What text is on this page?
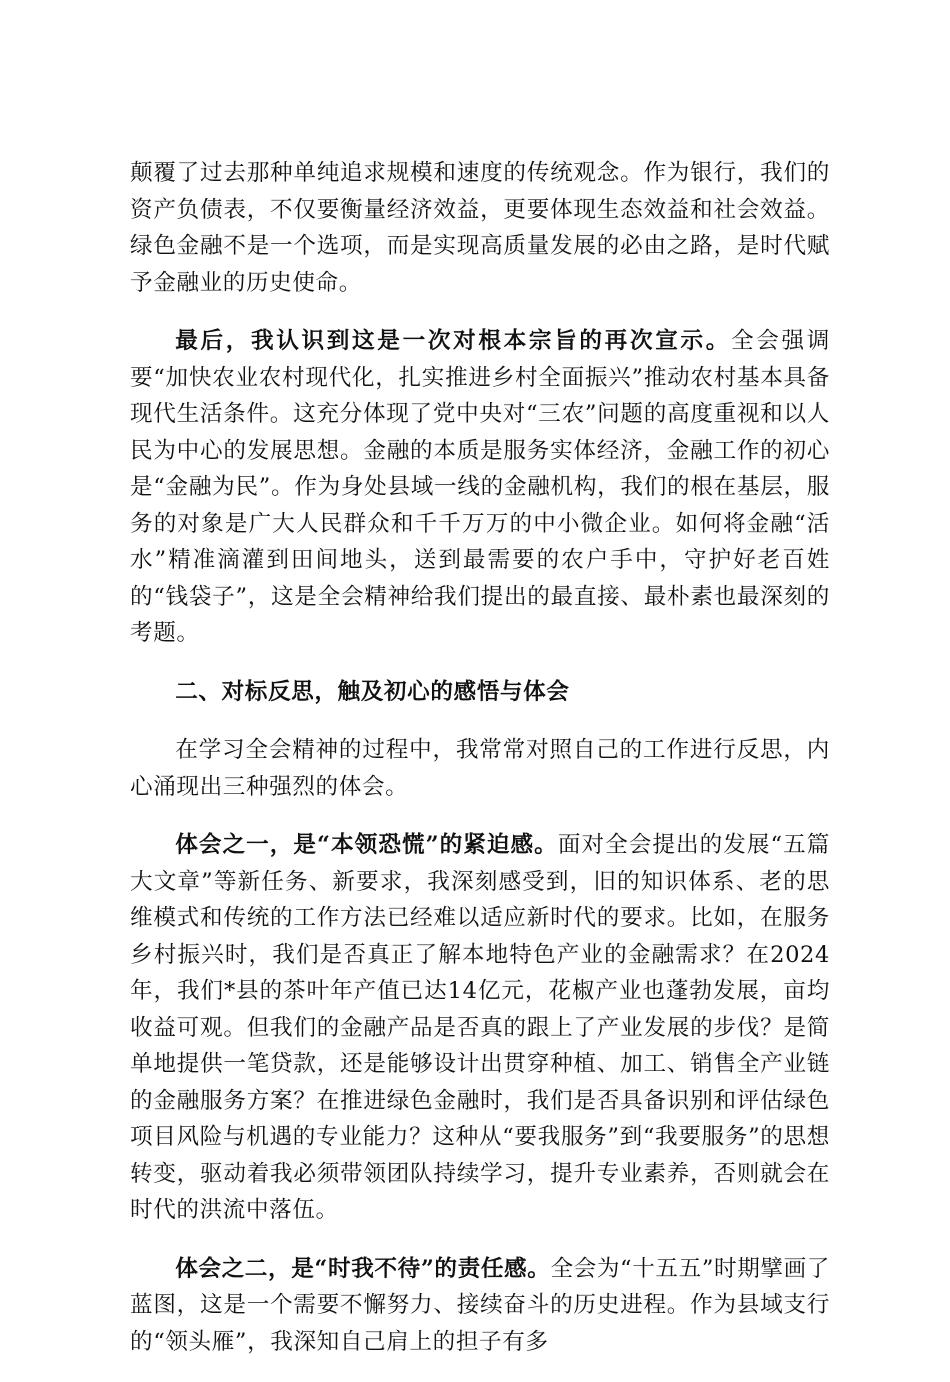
颠覆了过去那种单纯追求规模和速度的传统观念。作为银行，我们的资产负债表，不仅要衡量经济效益，更要体现生态效益和社会效益。绿色金融不是一个选项，而是实现高质量发展的必由之路，是时代赋予金融业的历史使命。

最后，我认识到这是一次对根本宗旨的再次宣示。全会强调要“加快农业农村现代化，扎实推进乡村全面振兴”推动农村基本具备现代生活条件。这充分体现了党中央对“三农”问题的高度重视和以人民为中心的发展思想。金融的本质是服务实体经济，金融工作的初心是“金融为民”。作为身处县域一线的金融机构，我们的根在基层，服务的对象是广大人民群众和千千万万的中小微企业。如何将金融“活水”精准滴灌到田间地头，送到最需要的农户手中，守护好老百姓的“钱袋子”，这是全会精神给我们提出的最直接、最朴素也最深刻的考题。

二、对标反思，触及初心的感悟与体会

在学习全会精神的过程中，我常常对照自己的工作进行反思，内心涌现出三种强烈的体会。

体会之一，是“本领恐慌”的紧迫感。面对全会提出的发展“五篇大文章”等新任务、新要求，我深刻感受到，旧的知识体系、老的思维模式和传统的工作方法已经难以适应新时代的要求。比如，在服务乡村振兴时，我们是否真正了解本地特色产业的金融需求？在2024年，我们*县的茶叶年产值已达14亿元，花椒产业也蓬勃发展，亩均收益可观。但我们的金融产品是否真的跟上了产业发展的步伐？是简单地提供一笔贷款，还是能够设计出贯穿种植、加工、销售全产业链的金融服务方案？在推进绿色金融时，我们是否具备识别和评估绿色项目风险与机遇的专业能力？这种从“要我服务”到“我要服务”的思想转变，驱动着我必须带领团队持续学习，提升专业素养，否则就会在时代的洪流中落伍。

体会之二，是“时我不待”的责任感。全会为“十五五”时期擘画了蓝图，这是一个需要不懈努力、接续奋斗的历史进程。作为县域支行的“领头雁”，我深知自己肩上的担子有多
